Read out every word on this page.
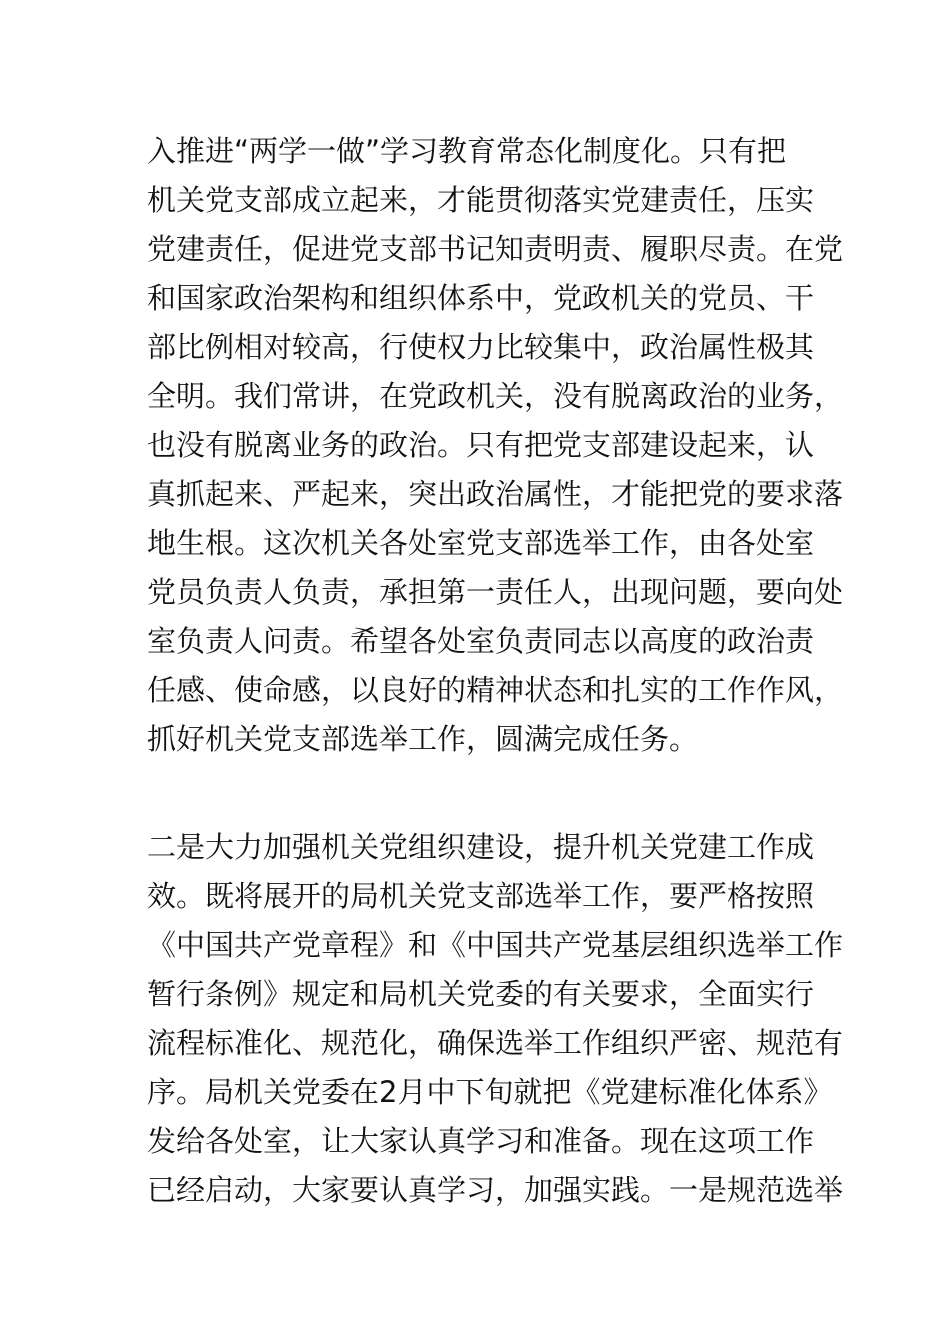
入推进“两学一做”学习教育常态化制度化。只有把
机关党支部成立起来，才能贯彻落实党建责任，压实
党建责任，促进党支部书记知责明责、履职尽责。在党
和国家政治架构和组织体系中，党政机关的党员、干
部比例相对较高，行使权力比较集中，政治属性极其
全明。我们常讲，在党政机关，没有脱离政治的业务，
也没有脱离业务的政治。只有把党支部建设起来，认
真抓起来、严起来，突出政治属性，才能把党的要求落
地生根。这次机关各处室党支部选举工作，由各处室
党员负责人负责，承担第一责任人，出现问题，要向处
室负责人问责。希望各处室负责同志以高度的政治责
任感、使命感，以良好的精神状态和扎实的工作作风，
抓好机关党支部选举工作，圆满完成任务。

二是大力加强机关党组织建设，提升机关党建工作成
效。既将展开的局机关党支部选举工作，要严格按照
《中国共产党章程》和《中国共产党基层组织选举工作
暂行条例》规定和局机关党委的有关要求，全面实行
流程标准化、规范化，确保选举工作组织严密、规范有
序。局机关党委在2月中下旬就把《党建标准化体系》
发给各处室，让大家认真学习和准备。现在这项工作
已经启动，大家要认真学习，加强实践。一是规范选举
